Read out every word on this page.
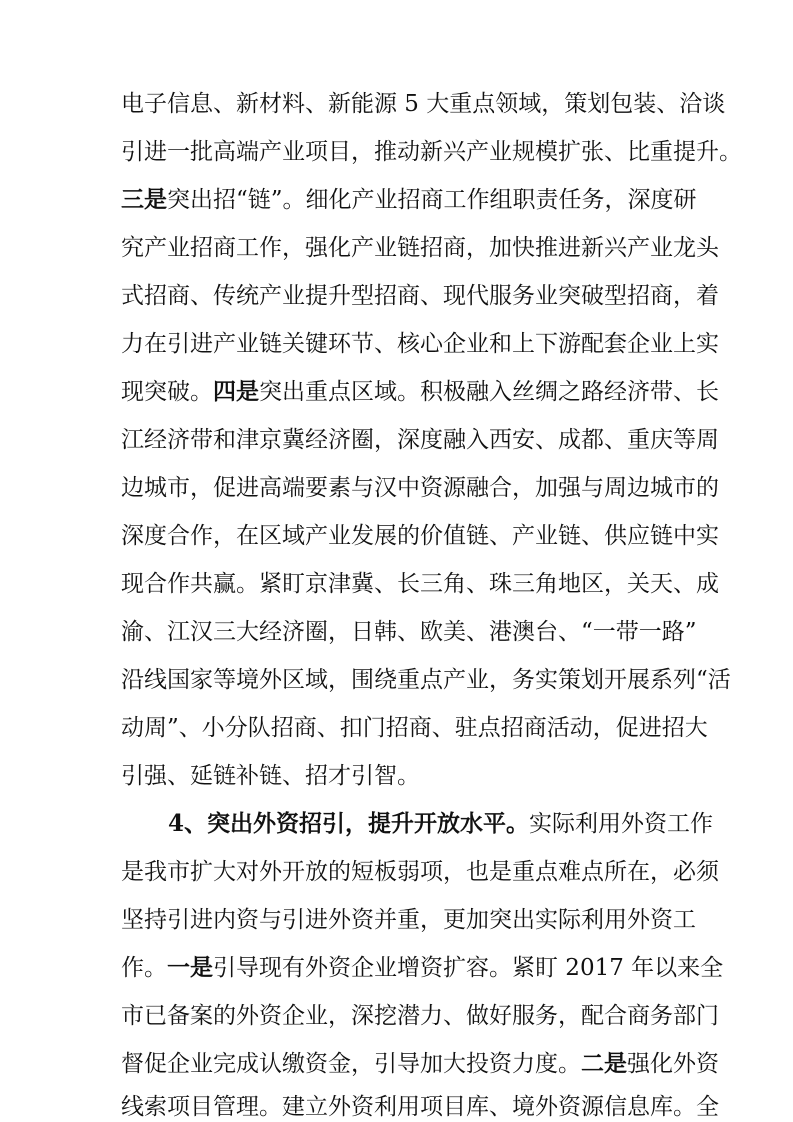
电子信息、新材料、新能源 5 大重点领域，策划包装、洽谈
引进一批高端产业项目，推动新兴产业规模扩张、比重提升。
三是突出招“链”。细化产业招商工作组职责任务，深度研
究产业招商工作，强化产业链招商，加快推进新兴产业龙头
式招商、传统产业提升型招商、现代服务业突破型招商，着
力在引进产业链关键环节、核心企业和上下游配套企业上实
现突破。四是突出重点区域。积极融入丝绸之路经济带、长
江经济带和津京冀经济圈，深度融入西安、成都、重庆等周
边城市，促进高端要素与汉中资源融合，加强与周边城市的
深度合作，在区域产业发展的价值链、产业链、供应链中实
现合作共赢。紧盯京津冀、长三角、珠三角地区，关天、成
渝、江汉三大经济圈，日韩、欧美、港澳台、“一带一路”
沿线国家等境外区域，围绕重点产业，务实策划开展系列“活
动周”、小分队招商、扣门招商、驻点招商活动，促进招大
引强、延链补链、招才引智。
4、突出外资招引，提升开放水平。实际利用外资工作
是我市扩大对外开放的短板弱项，也是重点难点所在，必须
坚持引进内资与引进外资并重，更加突出实际利用外资工
作。一是引导现有外资企业增资扩容。紧盯 2017 年以来全
市已备案的外资企业，深挖潜力、做好服务，配合商务部门
督促企业完成认缴资金，引导加大投资力度。二是强化外资
线索项目管理。建立外资利用项目库、境外资源信息库。全
